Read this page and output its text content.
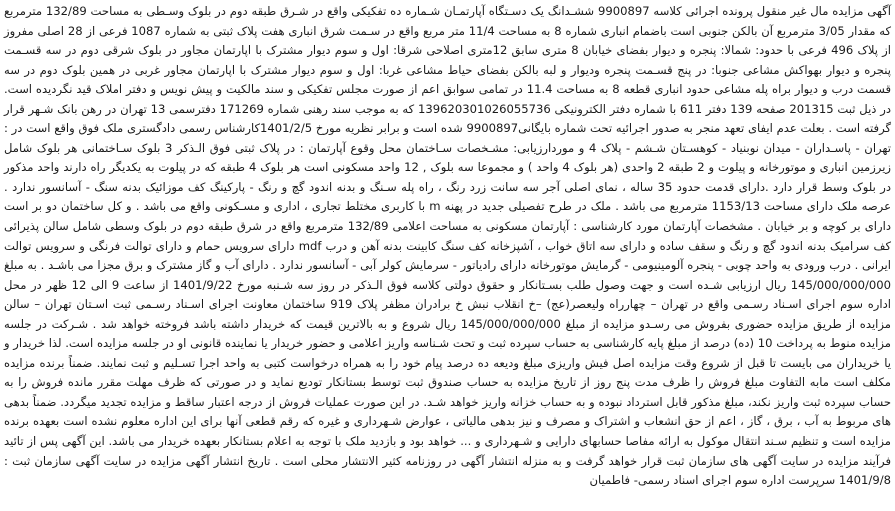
آگهی مزایده مال غیر منقول پرونده اجرائی کلاسه 9900897 ششـدانگ یک دسـتگاه آپارتمـان شـماره ده تفکیکی واقع در شـرق طبقه دوم در بلوک وسـطی به مساحت 132/89 مترمربع که مقدار 3/05 مترمربع آن بالکن جنوبی است باضمام انباری شماره 8 به مساحت 11/4 متر مربع واقع در سـمت شرق انباری هفت پلاک ثبتی به شماره 1087 فرعی از 28 اصلی مفروز از پلاک 496 فرعی با حدود: شمالا: پنجره و دیوار بفضای خیابان 8 متری سابق 12متری اصلاحی شرقا: اول و سوم دیوار مشترک با اپارتمان مجاور در بلوک شرقی دوم در سه قسـمت پنجره و دیوار بهواکش مشاعی جنوبا: در پنج قسـمت پنجره ودیوار و لبه بالکن بفضای حیاط مشاعی غربا: اول و سوم دیوار مشترک با اپارتمان مجاور غربی در همین بلوک دوم در سه قسمت درب و دیوار براه پله مشاعی حدود انباری قطعه 8 به مساحت 11.4 در تمامی سوابق اعم از صورت مجلس تفکیکی و سند مالکیت و پیش نویس و دفتر املاک قید نگردیده است. در ذیل ثبت 201315 صفحه 139 دفتر 611 با شماره دفتر الکترونیکی 139620301026055736 که به موجب سند رهنی شماره 171269 دفترسمی 13 تهران در رهن بانک شـهر قرار گرفته است . بعلت عدم ایفای تعهد منجر به صدور اجرائیه تحت شماره بایگانی9900897 شده است و برابر نظریه مورخ 1401/2/5کارشناس رسمی دادگستری ملک فوق واقع است در : تهران - پاسـداران - میدان نوبنیاد - کوهسـتان شـشم - پلاک 4 و موردارزیابی: مشـخصات سـاختمان محل وقوع آپارتمان : در پلاک ثبتی فوق الـذکر 3 بلوک سـاختمانی هر بلوک شامل زیرزمین انباری و موتورخانه و پیلوت و 2 طبقه 2 واحدی (هر بلوک 4 واحد ) و مجموعا سه بلوک , 12 واحد مسکونی است هر بلوک 4 طبقه که در پیلوت به یکدیگر راه دارند واحد مذکور در بلوک وسط قرار دارد .دارای قدمت حدود 35 ساله ، نمای اصلی آجر سه سانت زرد رنگ ، راه پله سـنگ و بدنه اندود گچ و رنگ - پارکینگ کف موزائیک بدنه سنگ - آسانسور ندارد . عرصه ملک دارای مساحت 1153/13 مترمربع می باشد . ملک در طرح تفصیلی جدید در پهنه m با کاربری مختلط تجاری ، اداری و مسـکونی واقع می باشد . و کل ساختمان دو بر است دارای بر کوچه و بر خیابان . مشخصات آپارتمان مورد کارشناسی : آپارتمان مسکونی به مساحت اعلامی 132/89 مترمربع واقع در شرق طبقه دوم در بلوک وسطی شامل سالن پذیرائی کف سرامیک بدنه اندود گچ و رنگ و سقف ساده و دارای سه اتاق خواب ، آشپزخانه کف سنگ کابینت بدنه آهن و درب mdf دارای سرویس حمام و دارای توالت فرنگی و سرویس توالت ایرانی . درب ورودی به واحد چوبی - پنجره آلومینیومی - گرمایش موتورخانه دارای رادیاتور - سرمایش کولر آبی - آسانسور ندارد . دارای آب و گاز مشترک و برق مجزا می باشـد . به مبلغ 145/000/000/000 ریال ارزیابی شـده است و جهت وصول طلب بسـتانکار و حقوق دولتی کلاسه فوق الـذکر در روز سه شـنبه مورخ 1401/9/22 از ساعت 9 الی 12 ظهر در محل اداره سوم اجرای اسـناد رسـمی واقع در تهران – چهارراه ولیعصر(عج) –خ انقلاب نبش خ برادران مظفر پلاک 919 ساختمان معاونت اجرای اسـناد رسـمی ثبت اسـتان تهران – سالن مزایده از طریق مزایده حضوری بفروش می رسـدو مزایده از مبلغ 145/000/000/000 ریال شروع و به بالاترین قیمت که خریدار داشته باشد فروخته خواهد شد . شـرکت در جلسه مزایده منوط به پرداخت 10 (ده) درصد از مبلغ پایه کارشناسی به حساب سپرده ثبت و تحت شـناسه واریز اعلامی و حضور خریدار یا نماینده قانونی او در جلسه مزایده است. لذا خریدار و یا خریداران می بایست تا قبل از شروع وقت مزایده اصل فیش واریزی مبلغ ودیعه ده درصد پیام خود را به همراه درخواست کتبی به واحد اجرا تسـلیم و ثبت نمایند. ضمناً برنده مزایده مکلف است مابه التفاوت مبلغ فروش را ظرف مدت پنج روز از تاریخ مزایده به حساب صندوق ثبت توسط بستانکار تودیع نماید و در صورتی که ظرف مهلت مقرر مانده فروش را به حساب سپرده ثبت واریز نکند، مبلغ مذکور قابل استرداد نبوده و به حساب خزانه واریز خواهد شـد. در این صورت عملیات فروش از درجه اعتبار ساقط و مزایده تجدید میگردد. ضمناً بدهی های مربوط به آب ، برق ، گاز ، اعم از حق انشعاب و اشتراک و مصرف و نیز بدهی مالیاتی ، عوارض شـهرداری و غیره که رقم قطعی آنها برای این اداره معلوم نشده است بعهده برنده مزایده است و تنظیم سـند انتقال موکول به ارائه مفاصا حسابهای دارایی و شـهرداری و ... خواهد بود و بازدید ملک با توجه به اعلام بستانکار بعهده خریدار می باشد. این آگهی پس از تائید فرآیند مزایده در سایت آگهی های سازمان ثبت قرار خواهد گرفت و به منزله انتشار آگهی در روزنامه کثیر الانتشار محلی است . تاریخ انتشار آگهی مزایده در سایت آگهی سازمان ثبت : 1401/9/8 سرپرست اداره سوم اجرای اسناد رسمی- فاطمیان
